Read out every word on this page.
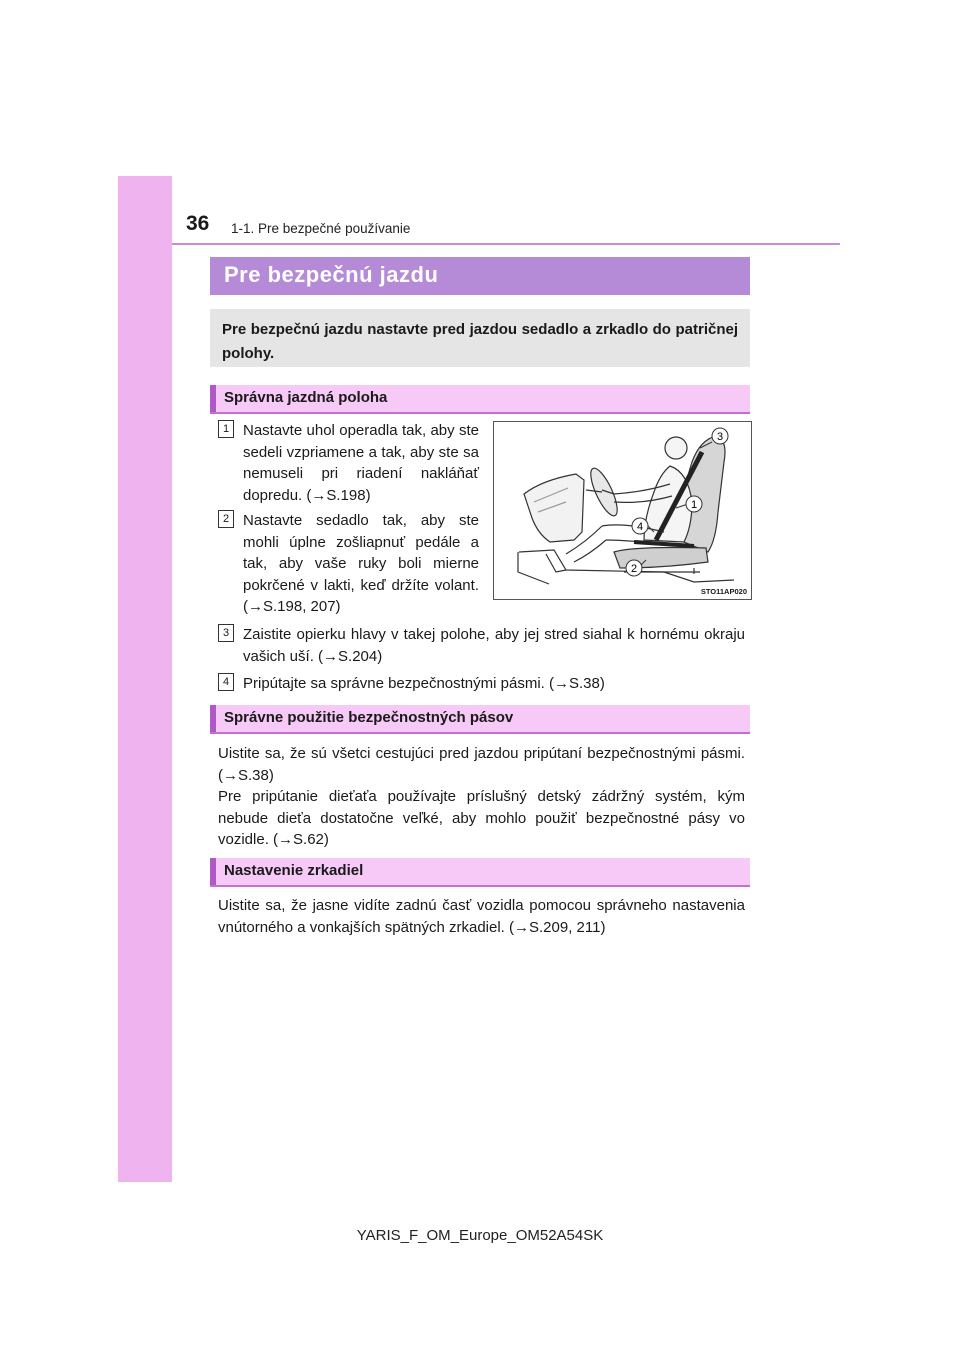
36 1-1. Pre bezpečné používanie
Pre bezpečnú jazdu

Pre bezpečnú jazdu nastavte pred jazdou sedadlo a zrkadlo do patričnej polohy.

Správna jazdná poloha
1 Nastavte uhol operadla tak, aby ste sedeli vzpriamene a tak, aby ste sa nemuseli pri riadení nakláňať dopredu. (→S.198)

2 Nastavte sedadlo tak, aby ste mohli úplne zošliapnuť pedále a tak, aby vaše ruky boli mierne pokrčené v lakti, keď držíte volant. (→S.198, 207)

3 Zaistite opierku hlavy v takej polohe, aby jej stred siahal k hornému okraju vašich uší. (→S.204)

4 Pripútajte sa správne bezpečnostnými pásmi. (→S.38)

3
1
4
2
STO11AP020
Správne použitie bezpečnostných pásov

Uistite sa, že sú všetci cestujúci pred jazdou pripútaní bezpečnostnými pásmi. (→S.38)
Pre pripútanie dieťaťa používajte príslušný detský zádržný systém, kým nebude dieťa dostatočne veľké, aby mohlo použiť bezpečnostné pásy vo vozidle. (→S.62)

Nastavenie zrkadiel

Uistite sa, že jasne vidíte zadnú časť vozidla pomocou správneho nastavenia vnútorného a vonkajších spätných zrkadiel. (→S.209, 211)

YARIS_F_OM_Europe_OM52A54SK
